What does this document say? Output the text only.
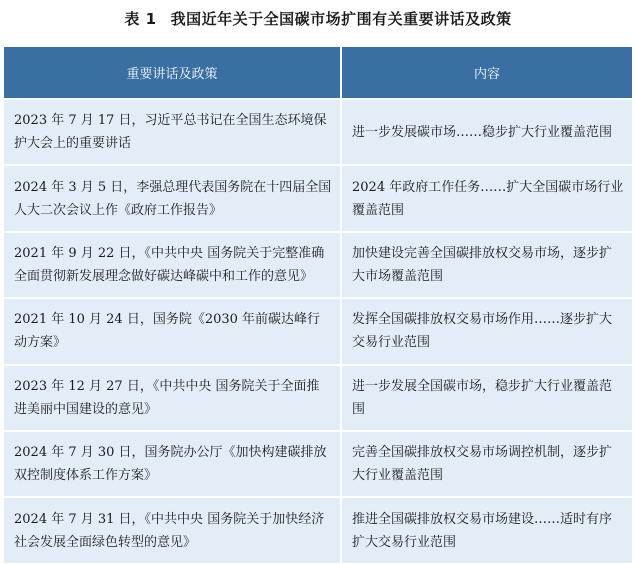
表 1 我国近年关于全国碳市场扩围有关重要讲话及政策
重要讲话及政策	内容
2023 年 7 月 17 日，习近平总书记在全国生态环境保护大会上的重要讲话
进一步发展碳市场……稳步扩大行业覆盖范围
2024 年 3 月 5 日，李强总理代表国务院在十四届全国人大二次会议上作《政府工作报告》
2024 年政府工作任务……扩大全国碳市场行业覆盖范围
2021 年 9 月 22 日，《中共中央 国务院关于完整准确全面贯彻新发展理念做好碳达峰碳中和工作的意见》
加快建设完善全国碳排放权交易市场，逐步扩大市场覆盖范围
2021 年 10 月 24 日，国务院《2030 年前碳达峰行动方案》
发挥全国碳排放权交易市场作用……逐步扩大交易行业范围
2023 年 12 月 27 日，《中共中央 国务院关于全面推进美丽中国建设的意见》
进一步发展全国碳市场，稳步扩大行业覆盖范围
2024 年 7 月 30 日，国务院办公厅《加快构建碳排放双控制度体系工作方案》
完善全国碳排放权交易市场调控机制，逐步扩大行业覆盖范围
2024 年 7 月 31 日，《中共中央 国务院关于加快经济社会发展全面绿色转型的意见》
推进全国碳排放权交易市场建设……适时有序扩大交易行业范围
